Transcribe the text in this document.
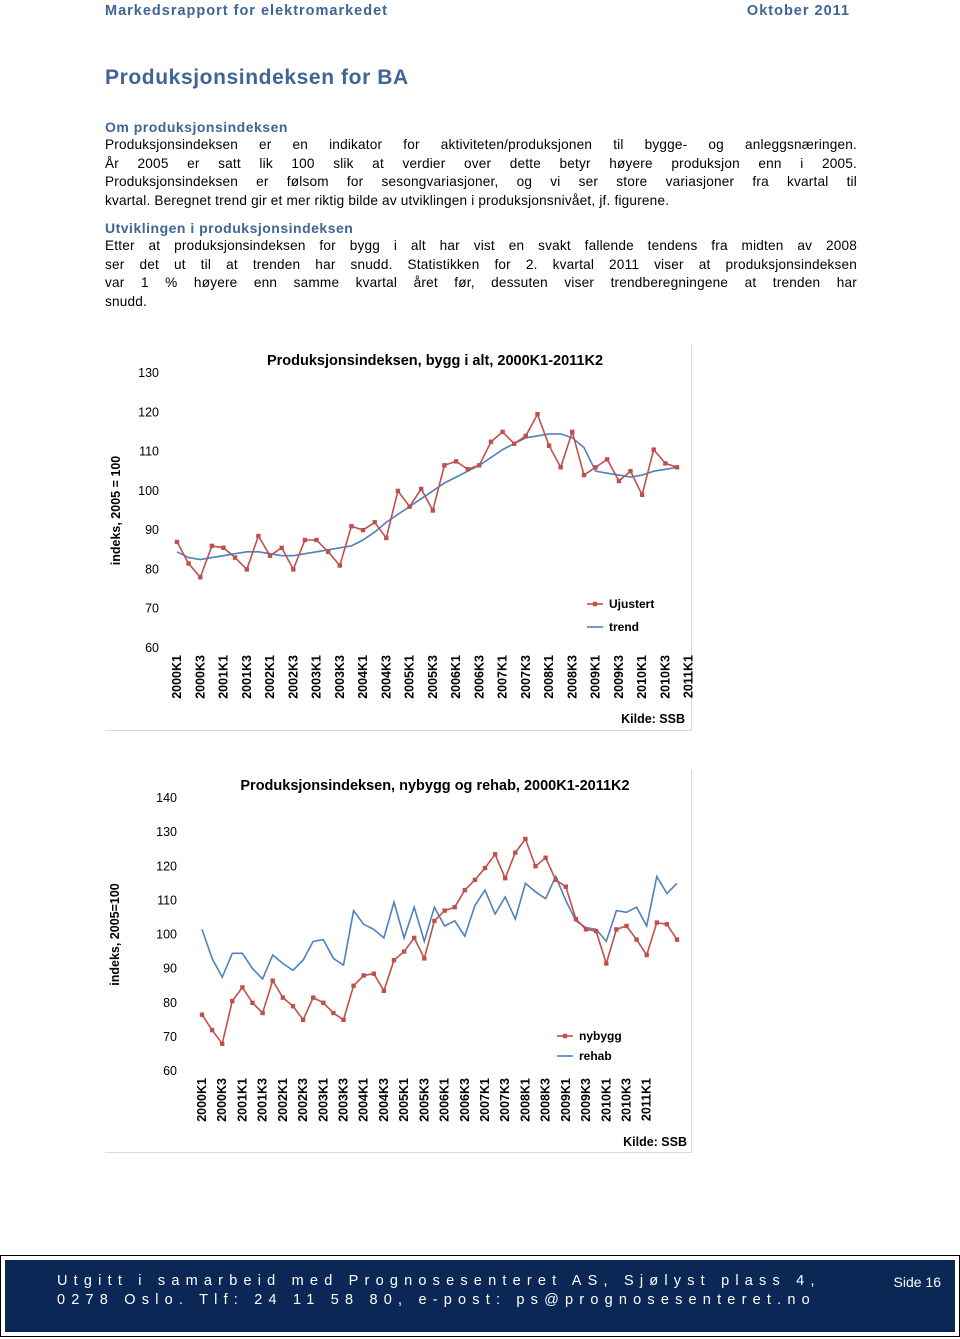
Markedsrapport for elektromarkedet	Oktober 2011
Produksjonsindeksen for BA
Om produksjonsindeksen
Produksjonsindeksen er en indikator for aktiviteten/produksjonen til bygge- og anleggsnæringen.
År 2005 er satt lik 100 slik at verdier over dette betyr høyere produksjon enn i 2005.
Produksjonsindeksen er følsom for sesongvariasjoner, og vi ser store variasjoner fra kvartal til
kvartal. Beregnet trend gir et mer riktig bilde av utviklingen i produksjonsnivået, jf. figurene.
Utviklingen i produksjonsindeksen
Etter at produksjonsindeksen for bygg i alt har vist en svakt fallende tendens fra midten av 2008
ser det ut til at trenden har snudd. Statistikken for 2. kvartal 2011 viser at produksjonsindeksen
var 1 % høyere enn samme kvartal året før, dessuten viser trendberegningene at trenden har
snudd.
Produksjonsindeksen, bygg i alt, 2000K1-2011K2
indeks, 2005 = 100
60
70
80
90
100
110
120
130
2000K1 2000K3 2001K1 2001K3 2002K1 2002K3 2003K1 2003K3 2004K1 2004K3 2005K1 2005K3 2006K1 2006K3 2007K1 2007K3 2008K1 2008K3 2009K1 2009K3 2010K1 2010K3 2011K1
Ujustert
trend
Kilde: SSB
Produksjonsindeksen, nybygg og rehab, 2000K1-2011K2
indeks, 2005=100
60
70
80
90
100
110
120
130
140
2000K1 2000K3 2001K1 2001K3 2002K1 2002K3 2003K1 2003K3 2004K1 2004K3 2005K1 2005K3 2006K1 2006K3 2007K1 2007K3 2008K1 2008K3 2009K1 2009K3 2010K1 2010K3 2011K1
nybygg
rehab
Kilde: SSB
Utgitt i samarbeid med Prognosesenteret AS, Sjølyst plass 4,
0278 Oslo. Tlf: 24 11 58 80, e-post: ps@prognosesenteret.no
Side 16
